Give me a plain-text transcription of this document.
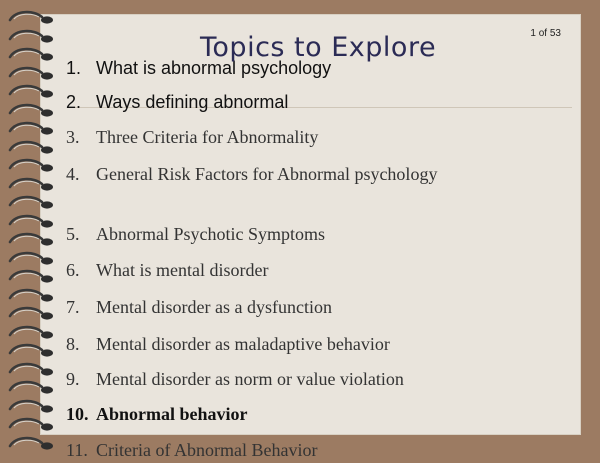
1 of 53
1. What is abnormal psychology
2. Ways defining abnormal
3. Three Criteria for Abnormality
4. General Risk Factors for Abnormal psychology
5. Abnormal Psychotic Symptoms
6. What is mental disorder
7. Mental disorder as a dysfunction
8. Mental disorder as maladaptive behavior
9. Mental disorder as norm or value violation
10. Abnormal behavior
11. Criteria of Abnormal Behavior
Topics to Explore
